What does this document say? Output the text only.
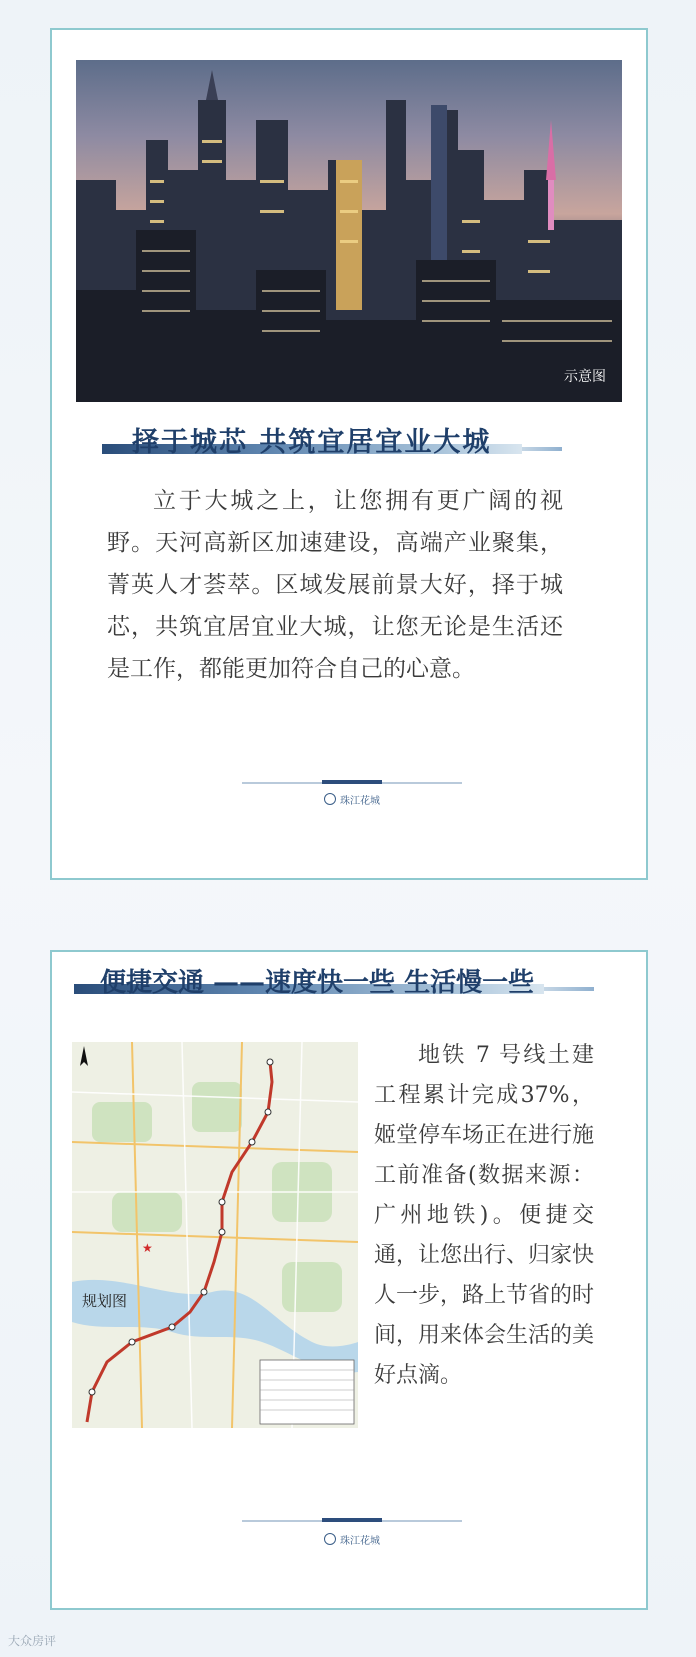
示意图
择于城芯 共筑宜居宜业大城
立于大城之上，让您拥有更广阔的视野。天河高新区加速建设，高端产业聚集，菁英人才荟萃。区域发展前景大好，择于城芯，共筑宜居宜业大城，让您无论是生活还是工作，都能更加符合自己的心意。
珠江花城
便捷交通 ——速度快一些 生活慢一些
★
规划图
地铁 7 号线土建工程累计完成37%，姬堂停车场正在进行施工前准备(数据来源：广州地铁)。便捷交通，让您出行、归家快人一步，路上节省的时间，用来体会生活的美好点滴。
珠江花城
大众房评
